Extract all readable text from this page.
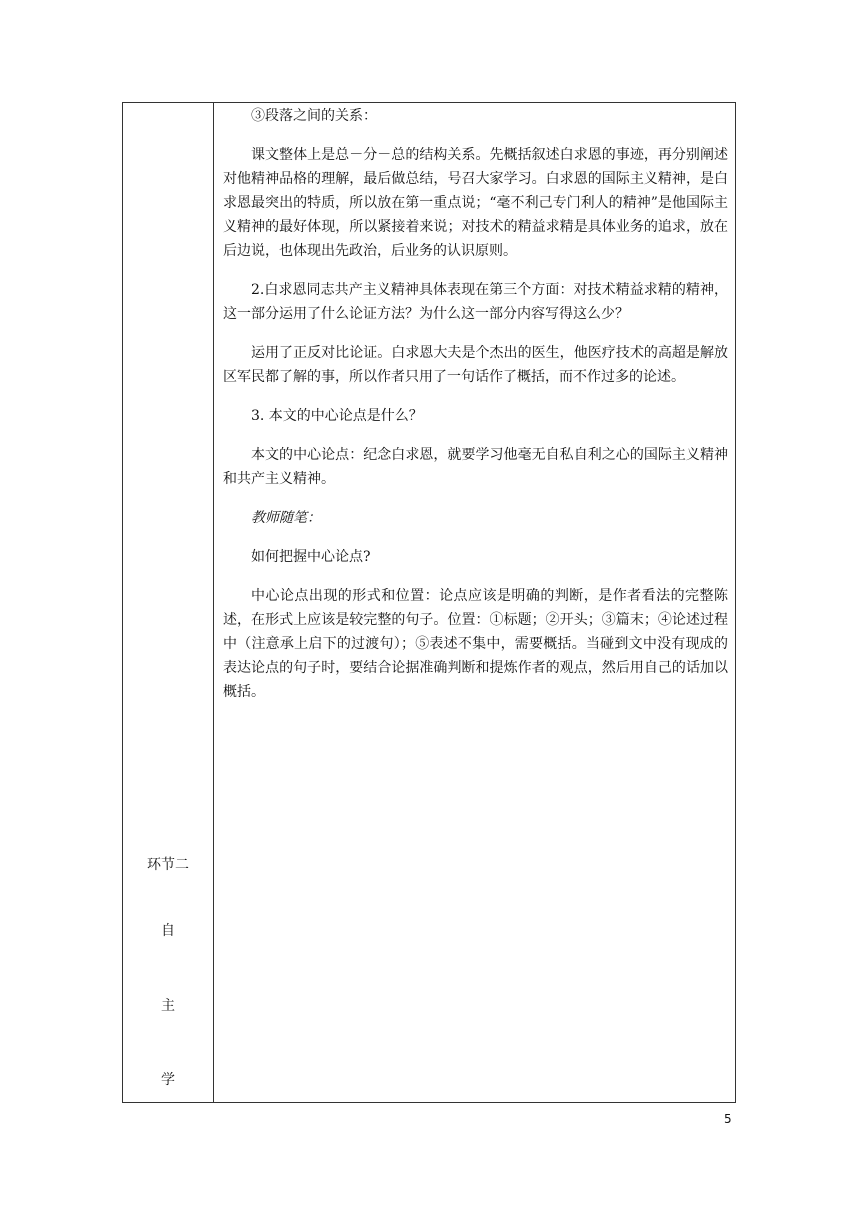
环节二
自
主
学

③段落之间的关系：

课文整体上是总－分－总的结构关系。先概括叙述白求恩的事迹，再分别阐述对他精神品格的理解，最后做总结，号召大家学习。白求恩的国际主义精神，是白求恩最突出的特质，所以放在第一重点说；“毫不利己专门利人的精神”是他国际主义精神的最好体现，所以紧接着来说；对技术的精益求精是具体业务的追求，放在后边说，也体现出先政治，后业务的认识原则。

2.白求恩同志共产主义精神具体表现在第三个方面：对技术精益求精的精神，这一部分运用了什么论证方法？为什么这一部分内容写得这么少？

运用了正反对比论证。白求恩大夫是个杰出的医生，他医疗技术的高超是解放区军民都了解的事，所以作者只用了一句话作了概括，而不作过多的论述。

3. 本文的中心论点是什么？

本文的中心论点：纪念白求恩，就要学习他毫无自私自利之心的国际主义精神和共产主义精神。

教师随笔：

如何把握中心论点?

中心论点出现的形式和位置：论点应该是明确的判断，是作者看法的完整陈述，在形式上应该是较完整的句子。位置：①标题；②开头；③篇末；④论述过程中（注意承上启下的过渡句）；⑤表述不集中，需要概括。当碰到文中没有现成的表达论点的句子时，要结合论据准确判断和提炼作者的观点，然后用自己的话加以概括。

5
